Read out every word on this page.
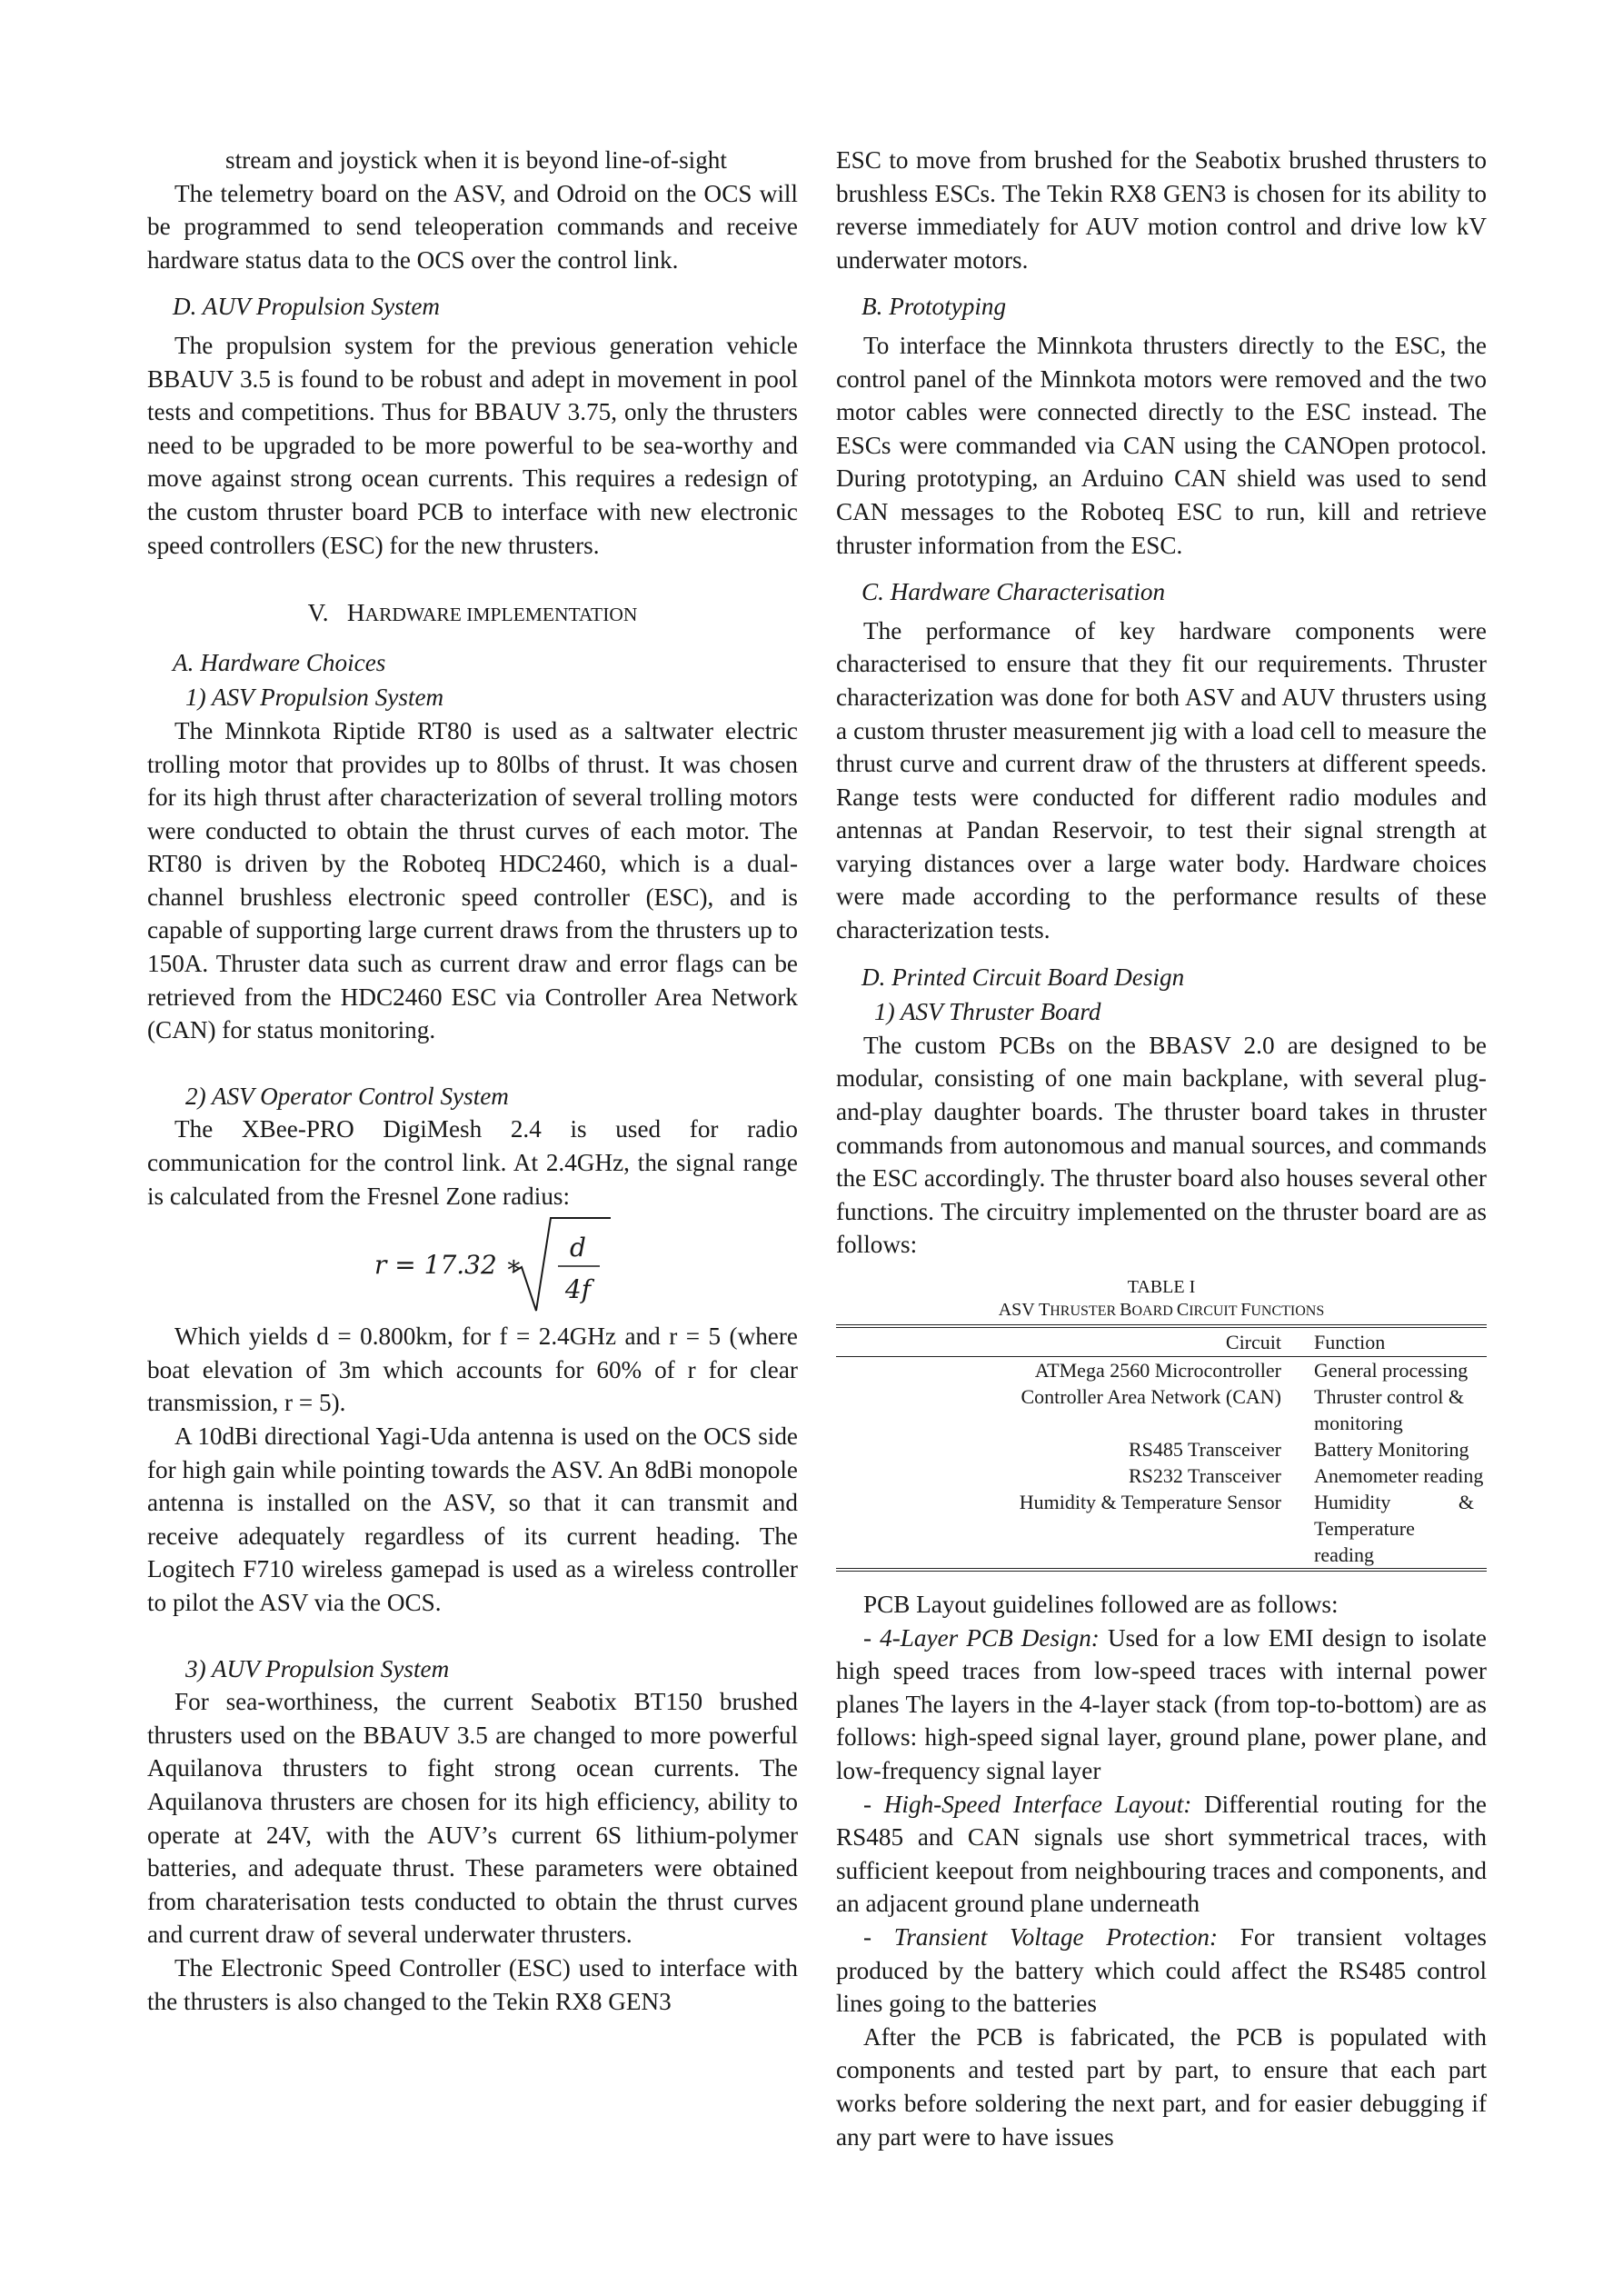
stream and joystick when it is beyond line-of-sight

The telemetry board on the ASV, and Odroid on the OCS will be programmed to send teleoperation commands and receive hardware status data to the OCS over the control link.

D. AUV Propulsion System

The propulsion system for the previous generation vehicle BBAUV 3.5 is found to be robust and adept in movement in pool tests and competitions. Thus for BBAUV 3.75, only the thrusters need to be upgraded to be more powerful to be sea-worthy and move against strong ocean currents. This requires a redesign of the custom thruster board PCB to interface with new electronic speed controllers (ESC) for the new thrusters.

V. HARDWARE IMPLEMENTATION
A. Hardware Choices
1) ASV Propulsion System

The Minnkota Riptide RT80 is used as a saltwater electric trolling motor that provides up to 80lbs of thrust. It was chosen for its high thrust after characterization of several trolling motors were conducted to obtain the thrust curves of each motor. The RT80 is driven by the Roboteq HDC2460, which is a dual-channel brushless electronic speed controller (ESC), and is capable of supporting large current draws from the thrusters up to 150A. Thruster data such as current draw and error flags can be retrieved from the HDC2460 ESC via Controller Area Network (CAN) for status monitoring.

2) ASV Operator Control System

The XBee-PRO DigiMesh 2.4 is used for radio communication for the control link. At 2.4GHz, the signal range is calculated from the Fresnel Zone radius:

r = 17.32 ∗
d
4f

Which yields d = 0.800km, for f = 2.4GHz and r = 5 (where boat elevation of 3m which accounts for 60% of r for clear transmission, r = 5).

A 10dBi directional Yagi-Uda antenna is used on the OCS side for high gain while pointing towards the ASV. An 8dBi monopole antenna is installed on the ASV, so that it can transmit and receive adequately regardless of its current heading. The Logitech F710 wireless gamepad is used as a wireless controller to pilot the ASV via the OCS.

3) AUV Propulsion System

For sea-worthiness, the current Seabotix BT150 brushed thrusters used on the BBAUV 3.5 are changed to more powerful Aquilanova thrusters to fight strong ocean currents. The Aquilanova thrusters are chosen for its high efficiency, ability to operate at 24V, with the AUV’s current 6S lithium-polymer batteries, and adequate thrust. These parameters were obtained from charaterisation tests conducted to obtain the thrust curves and current draw of several underwater thrusters.

The Electronic Speed Controller (ESC) used to interface with the thrusters is also changed to the Tekin RX8 GEN3

ESC to move from brushed for the Seabotix brushed thrusters to brushless ESCs. The Tekin RX8 GEN3 is chosen for its ability to reverse immediately for AUV motion control and drive low kV underwater motors.

B. Prototyping

To interface the Minnkota thrusters directly to the ESC, the control panel of the Minnkota motors were removed and the two motor cables were connected directly to the ESC instead. The ESCs were commanded via CAN using the CANOpen protocol. During prototyping, an Arduino CAN shield was used to send CAN messages to the Roboteq ESC to run, kill and retrieve thruster information from the ESC.

C. Hardware Characterisation

The performance of key hardware components were characterised to ensure that they fit our requirements. Thruster characterization was done for both ASV and AUV thrusters using a custom thruster measurement jig with a load cell to measure the thrust curve and current draw of the thrusters at different speeds. Range tests were conducted for different radio modules and antennas at Pandan Reservoir, to test their signal strength at varying distances over a large water body. Hardware choices were made according to the performance results of these characterization tests.

D. Printed Circuit Board Design
1) ASV Thruster Board

The custom PCBs on the BBASV 2.0 are designed to be modular, consisting of one main backplane, with several plug-and-play daughter boards. The thruster board takes in thruster commands from autonomous and manual sources, and commands the ESC accordingly. The thruster board also houses several other functions. The circuitry implemented on the thruster board are as follows:

TABLE I
ASV THRUSTER BOARD CIRCUIT FUNCTIONS
Circuit	Function
ATMega 2560 Microcontroller	General processing
Controller Area Network (CAN)	Thruster control & monitoring
RS485 Transceiver	Battery Monitoring
RS232 Transceiver	Anemometer reading
Humidity & Temperature Sensor	Humidity & Temperature reading

PCB Layout guidelines followed are as follows:

- 4-Layer PCB Design: Used for a low EMI design to isolate high speed traces from low-speed traces with internal power planes The layers in the 4-layer stack (from top-to-bottom) are as follows: high-speed signal layer, ground plane, power plane, and low-frequency signal layer

- High-Speed Interface Layout: Differential routing for the RS485 and CAN signals use short symmetrical traces, with sufficient keepout from neighbouring traces and components, and an adjacent ground plane underneath

- Transient Voltage Protection: For transient voltages produced by the battery which could affect the RS485 control lines going to the batteries

After the PCB is fabricated, the PCB is populated with components and tested part by part, to ensure that each part works before soldering the next part, and for easier debugging if any part were to have issues
